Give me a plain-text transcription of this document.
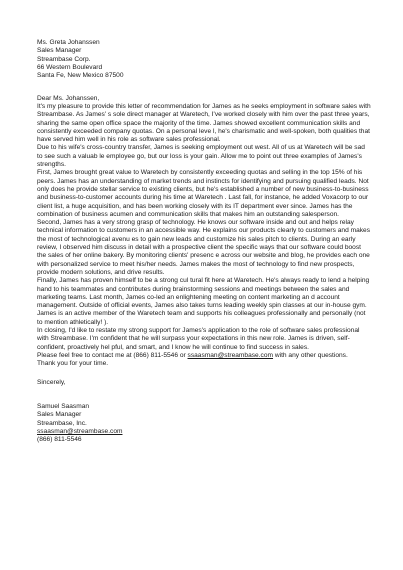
Ms. Greta Johanssen
Sales Manager
Streambase Corp.
66 Western Boulevard
Santa Fe, New Mexico 87500
Dear Ms. Johanssen,

It's my pleasure to provide this letter of recommendation for James as he seeks employment in software sales with Streambase. As James' s sole direct manager at Waretech, I've worked closely with him over the past three years, sharing the same open office space the majority of the time. James showed excellent communication skills and consistently exceeded company quotas. On a personal leve l, he's charismatic and well-spoken, both qualities that have served him well in his role as software sales professional.

Due to his wife's cross-country transfer, James is seeking employment out west. All of us at Waretech will be sad to see such a valuab le employee go, but our loss is your gain. Allow me to point out three examples of James's strengths.

First, James brought great value to Waretech by consistently exceeding quotas and selling in the top 15% of his peers. James has an understanding of market trends and instincts for identifying and pursuing qualified leads. Not only does he provide stellar service to existing clients, but he's established a number of new business-to-business and business-to-customer accounts during his time at Waretech . Last fall, for instance, he added Voxacorp to our client list, a huge acquisition, and has been working closely with its IT department ever since. James has the combination of business acumen and communication skills that makes him an outstanding salesperson.

Second, James has a very strong grasp of technology. He knows our software inside and out and helps relay technical information to customers in an accessible way. He explains our products clearly to customers and makes the most of technological avenu es to gain new leads and customize his sales pitch to clients. During an early review, I observed him discuss in detail with a prospective client the specific ways that our software could boost the sales of her online bakery. By monitoring clients' presenc e across our website and blog, he provides each one with personalized service to meet his/her needs. James makes the most of technology to find new prospects, provide modern solutions, and drive results.

Finally, James has proven himself to be a strong cul tural fit here at Waretech. He's always ready to lend a helping hand to his teammates and contributes during brainstorming sessions and meetings between the sales and marketing teams. Last month, James co-led an enlightening meeting on content marketing an d account management. Outside of official events, James also takes turns leading weekly spin classes at our in-house gym. James is an active member of the Waretech team and supports his colleagues professionally and personally (not to mention athletically! ).

In closing, I'd like to restate my strong support for James's application to the role of software sales professional with Streambase. I'm confident that he will surpass your expectations in this new role. James is driven, self-confident, proactively hel pful, and smart, and I know he will continue to find success in sales.

Please feel free to contact me at (866) 811-5546 or ssaasman@streambase.com with any other questions.

Thank you for your time.

Sincerely,
Samuel Saasman
Sales Manager
Streambase, Inc.
ssaasman@streambase.com
(866) 811-5546
